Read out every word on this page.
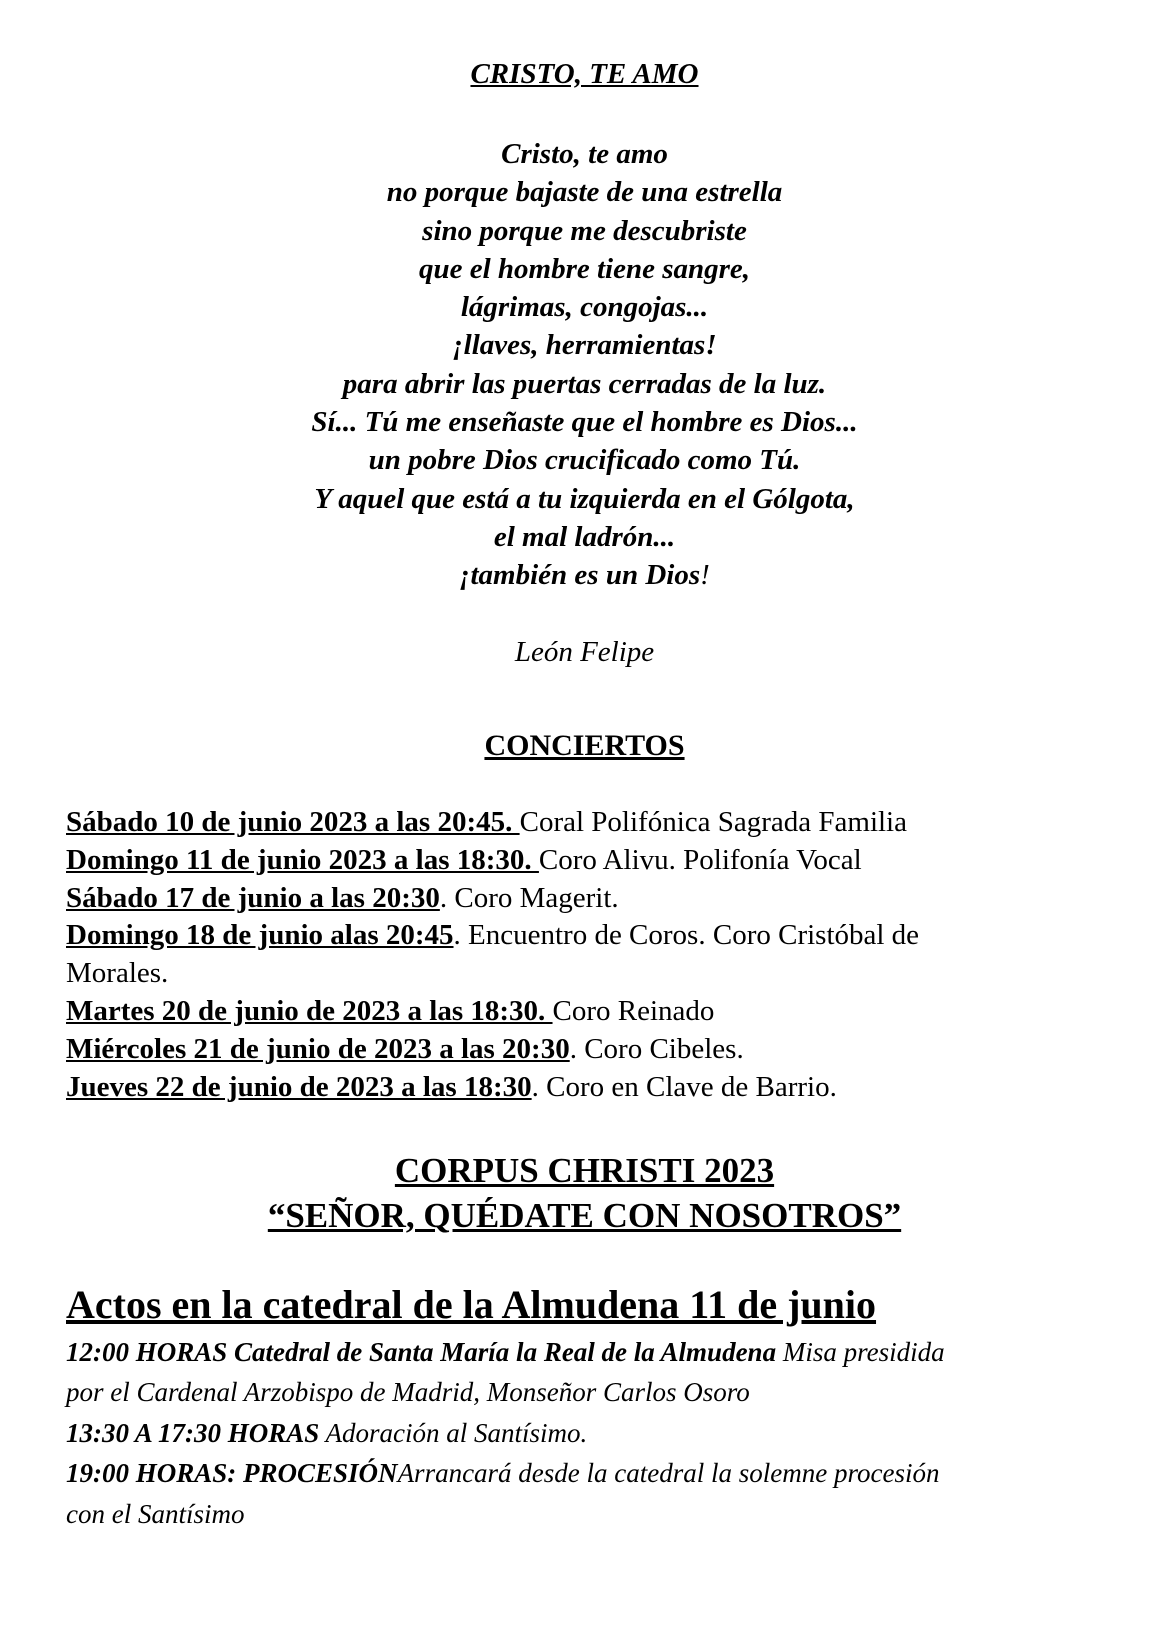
CRISTO, TE AMO
Cristo, te amo
no porque bajaste de una estrella
sino porque me descubriste
que el hombre tiene sangre,
lágrimas, congojas...
¡llaves, herramientas!
para abrir las puertas cerradas de la luz.
Sí... Tú me enseñaste que el hombre es Dios...
un pobre Dios crucificado como Tú.
Y aquel que está a tu izquierda en el Gólgota,
el mal ladrón...
¡también es un Dios!
León Felipe
CONCIERTOS
Sábado 10 de junio 2023 a las 20:45. Coral Polifónica Sagrada Familia
Domingo 11 de junio 2023 a las 18:30. Coro Alivu. Polifonía Vocal
Sábado 17 de junio a las 20:30. Coro Magerit.
Domingo 18 de junio alas 20:45. Encuentro de Coros. Coro Cristóbal de
Morales.
Martes 20 de junio de 2023 a las 18:30. Coro Reinado
Miércoles 21 de junio de 2023 a las 20:30. Coro Cibeles.
Jueves 22 de junio de 2023 a las 18:30. Coro en Clave de Barrio.
CORPUS CHRISTI 2023
“SEÑOR, QUÉDATE CON NOSOTROS”
Actos en la catedral de la Almudena 11 de junio
12:00 HORAS Catedral de Santa María la Real de la Almudena Misa presidida
por el Cardenal Arzobispo de Madrid, Monseñor Carlos Osoro
13:30 A 17:30 HORAS Adoración al Santísimo.
19:00 HORAS: PROCESIÓNArrancará desde la catedral la solemne procesión
con el Santísimo
